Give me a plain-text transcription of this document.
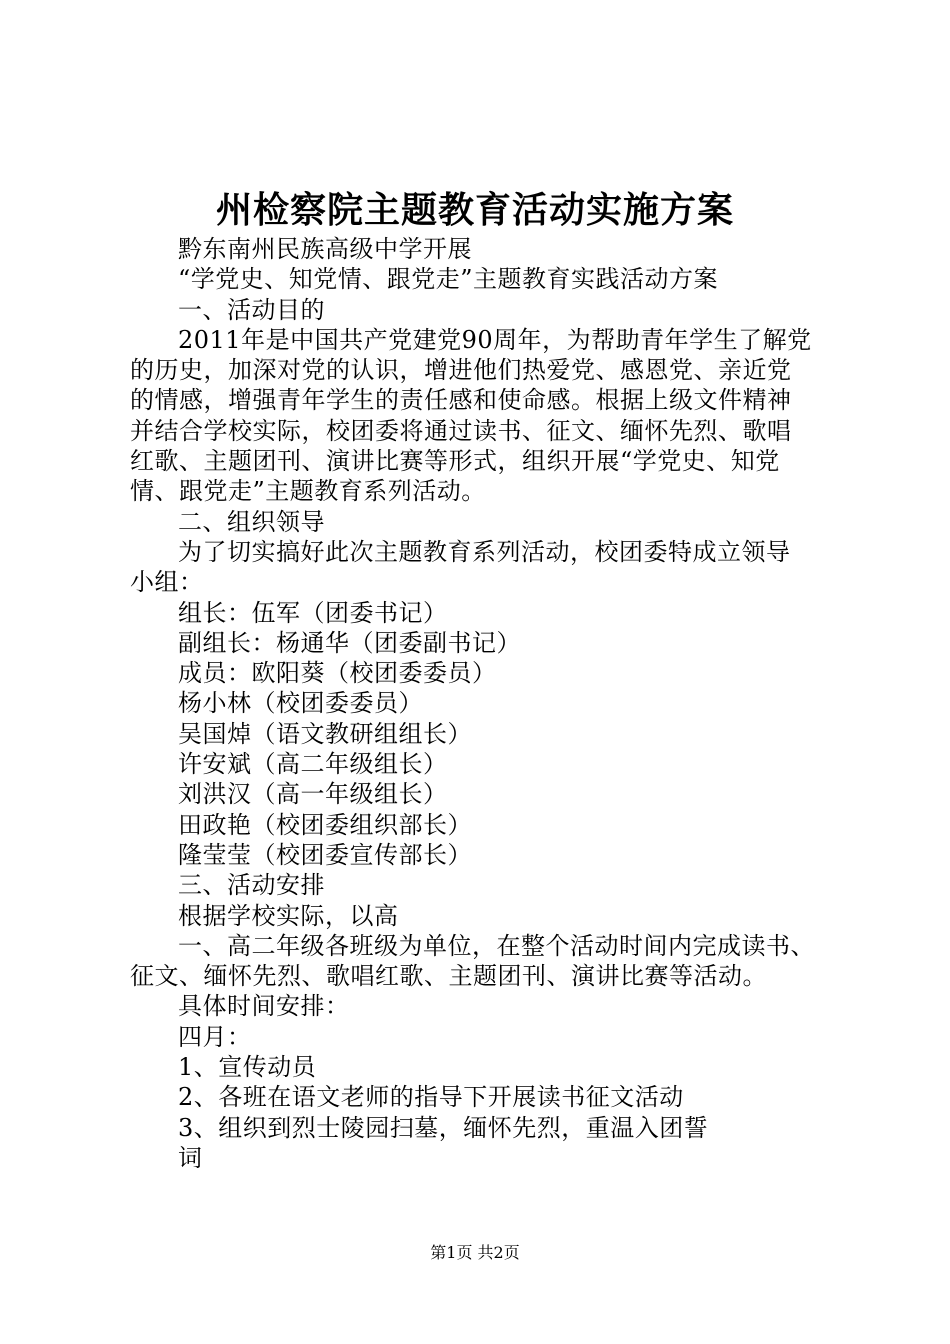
州检察院主题教育活动实施方案
黔东南州民族高级中学开展
“学党史、知党情、跟党走”主题教育实践活动方案
一、活动目的
2011年是中国共产党建党90周年，为帮助青年学生了解党
的历史，加深对党的认识，增进他们热爱党、感恩党、亲近党
的情感，增强青年学生的责任感和使命感。根据上级文件精神
并结合学校实际，校团委将通过读书、征文、缅怀先烈、歌唱
红歌、主题团刊、演讲比赛等形式，组织开展“学党史、知党
情、跟党走”主题教育系列活动。
二、组织领导
为了切实搞好此次主题教育系列活动，校团委特成立领导
小组：
组长：伍军（团委书记）
副组长：杨通华（团委副书记）
成员：欧阳葵（校团委委员）
杨小林（校团委委员）
吴国焯（语文教研组组长）
许安斌（高二年级组长）
刘洪汉（高一年级组长）
田政艳（校团委组织部长）
隆莹莹（校团委宣传部长）
三、活动安排
根据学校实际，以高
一、高二年级各班级为单位，在整个活动时间内完成读书、
征文、缅怀先烈、歌唱红歌、主题团刊、演讲比赛等活动。
具体时间安排：
四月：
1、宣传动员
2、各班在语文老师的指导下开展读书征文活动
3、组织到烈士陵园扫墓，缅怀先烈，重温入团誓
词
第1页 共2页
